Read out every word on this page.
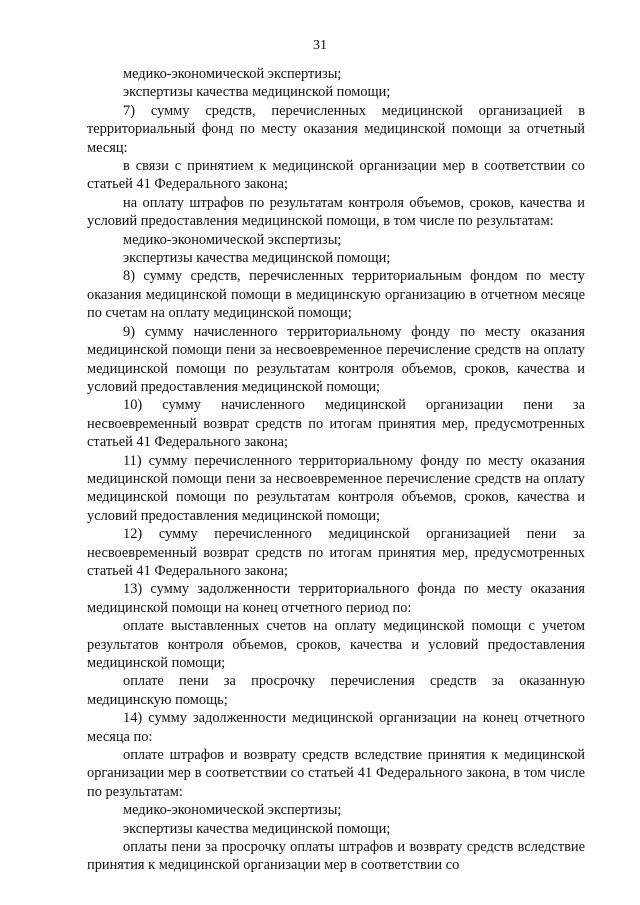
31

медико-экономической экспертизы;

экспертизы качества медицинской помощи;

7) сумму средств, перечисленных медицинской организацией в территориальный фонд по месту оказания медицинской помощи за отчетный месяц:

в связи с принятием к медицинской организации мер в соответствии со статьей 41 Федерального закона;

на оплату штрафов по результатам контроля объемов, сроков, качества и условий предоставления медицинской помощи, в том числе по результатам:

медико-экономической экспертизы;

экспертизы качества медицинской помощи;

8) сумму средств, перечисленных территориальным фондом по месту оказания медицинской помощи в медицинскую организацию в отчетном месяце по счетам на оплату медицинской помощи;

9) сумму начисленного территориальному фонду по месту оказания медицинской помощи пени за несвоевременное перечисление средств на оплату медицинской помощи по результатам контроля объемов, сроков, качества и условий предоставления медицинской помощи;

10) сумму начисленного медицинской организации пени за несвоевременный возврат средств по итогам принятия мер, предусмотренных статьей 41 Федерального закона;

11) сумму перечисленного территориальному фонду по месту оказания медицинской помощи пени за несвоевременное перечисление средств на оплату медицинской помощи по результатам контроля объемов, сроков, качества и условий предоставления медицинской помощи;

12) сумму перечисленного медицинской организацией пени за несвоевременный возврат средств по итогам принятия мер, предусмотренных статьей 41 Федерального закона;

13) сумму задолженности территориального фонда по месту оказания медицинской помощи на конец отчетного период по:

оплате выставленных счетов на оплату медицинской помощи с учетом результатов контроля объемов, сроков, качества и условий предоставления медицинской помощи;

оплате пени за просрочку перечисления средств за оказанную медицинскую помощь;

14) сумму задолженности медицинской организации на конец отчетного месяца по:

оплате штрафов и возврату средств вследствие принятия к медицинской организации мер в соответствии со статьей 41 Федерального закона, в том числе по результатам:

медико-экономической экспертизы;

экспертизы качества медицинской помощи;

оплаты пени за просрочку оплаты штрафов и возврату средств вследствие принятия к медицинской организации мер в соответствии со
